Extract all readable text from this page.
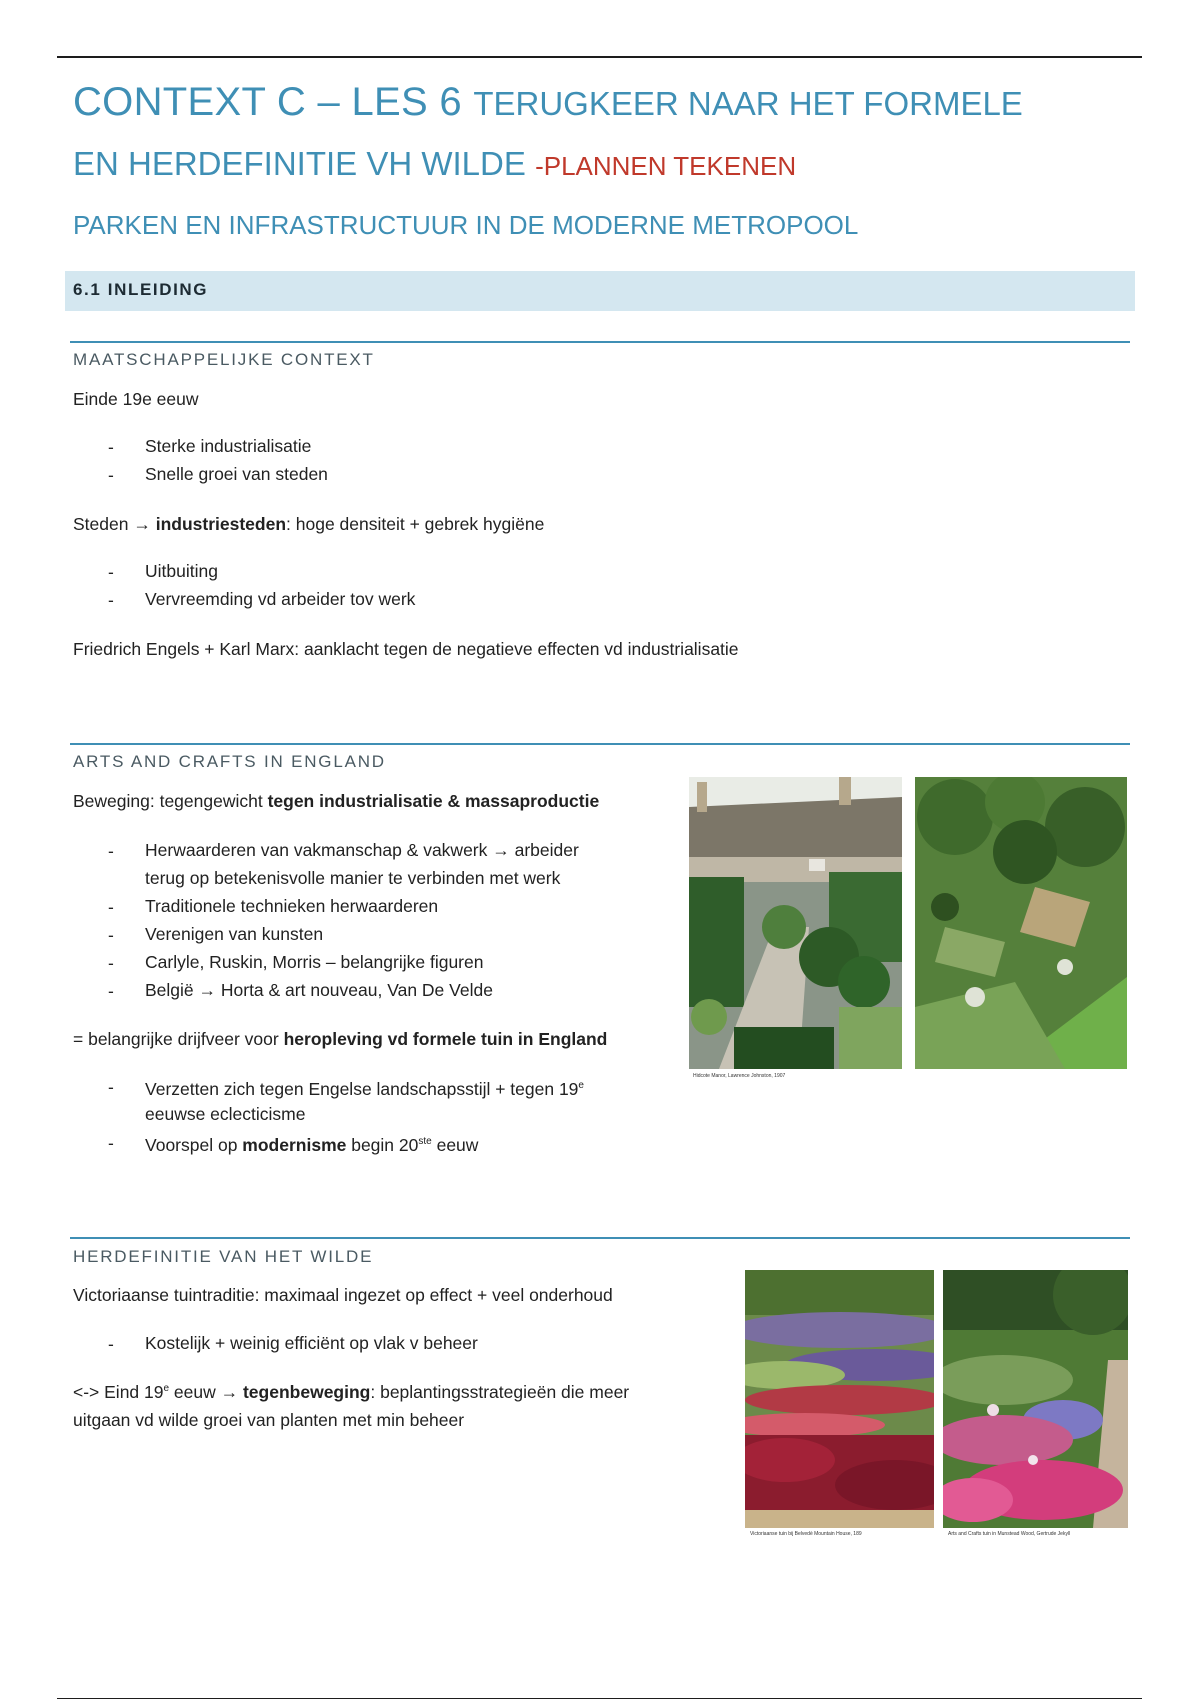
CONTEXT C – LES 6 TERUGKEER NAAR HET FORMELE
EN HERDEFINITIE VH WILDE -PLANNEN TEKENEN
PARKEN EN INFRASTRUCTUUR IN DE MODERNE METROPOOL
6.1 INLEIDING
MAATSCHAPPELIJKE CONTEXT
Einde 19e eeuw
- Sterke industrialisatie
- Snelle groei van steden
Steden → industriesteden: hoge densiteit + gebrek hygiëne
- Uitbuiting
- Vervreemding vd arbeider tov werk
Friedrich Engels + Karl Marx: aanklacht tegen de negatieve effecten vd industrialisatie
ARTS AND CRAFTS IN ENGLAND
Beweging: tegengewicht tegen industrialisatie & massaproductie
- Herwaarderen van vakmanschap & vakwerk → arbeider
terug op betekenisvolle manier te verbinden met werk
- Traditionele technieken herwaarderen
- Verenigen van kunsten
- Carlyle, Ruskin, Morris – belangrijke figuren
- België → Horta & art nouveau, Van De Velde
= belangrijke drijfveer voor heropleving vd formele tuin in England
- Verzetten zich tegen Engelse landschapsstijl + tegen 19e
eeuwse eclecticisme
- Voorspel op modernisme begin 20ste eeuw
Hidcote Manor, Lawrence Johnston, 1907
HERDEFINITIE VAN HET WILDE
Victoriaanse tuintraditie: maximaal ingezet op effect + veel onderhoud
- Kostelijk + weinig efficiënt op vlak v beheer
<-> Eind 19e eeuw → tegenbeweging: beplantingsstrategieën die meer
uitgaan vd wilde groei van planten met min beheer
Victoriaanse tuin bij Belvedè Mountain House, 189	Arts and Crafts tuin in Munstead Wood, Gertrude Jekyll
